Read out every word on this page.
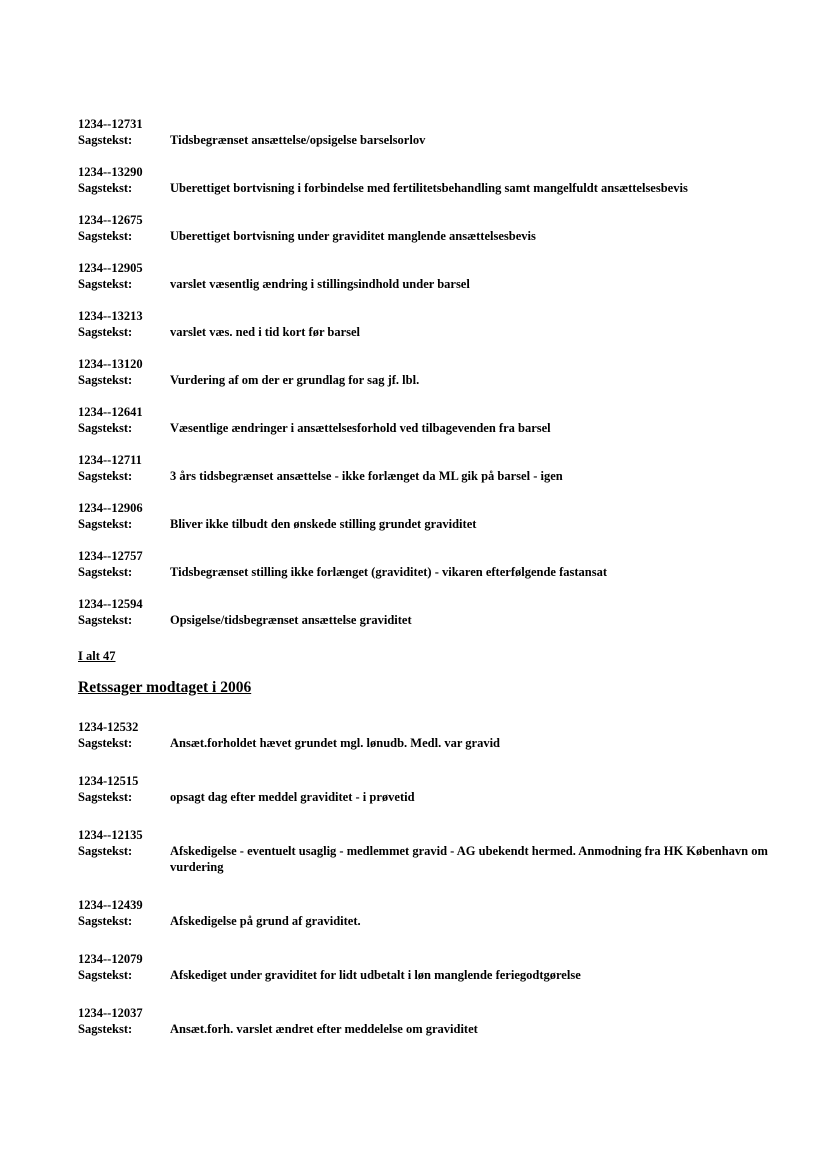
1234--12731
Sagstekst:	Tidsbegrænset ansættelse/opsigelse barselsorlov
1234--13290
Sagstekst:	Uberettiget bortvisning i forbindelse med fertilitetsbehandling samt mangelfuldt ansættelsesbevis
1234--12675
Sagstekst:	Uberettiget bortvisning under graviditet manglende ansættelsesbevis
1234--12905
Sagstekst:	varslet væsentlig ændring i stillingsindhold under barsel
1234--13213
Sagstekst:	varslet væs. ned i tid kort før barsel
1234--13120
Sagstekst:	Vurdering af om der er grundlag for sag jf. lbl.
1234--12641
Sagstekst:	Væsentlige ændringer i ansættelsesforhold ved tilbagevenden fra barsel
1234--12711
Sagstekst:	3 års tidsbegrænset ansættelse - ikke forlænget da ML gik på barsel - igen
1234--12906
Sagstekst:	Bliver ikke tilbudt den ønskede stilling grundet graviditet
1234--12757
Sagstekst:	Tidsbegrænset stilling ikke forlænget (graviditet) - vikaren efterfølgende fastansat
1234--12594
Sagstekst:	Opsigelse/tidsbegrænset ansættelse graviditet
I alt 47
Retssager modtaget i 2006
1234-12532
Sagstekst:	Ansæt.forholdet hævet grundet mgl. lønudb. Medl. var gravid
1234-12515
Sagstekst:	opsagt dag efter meddel graviditet - i prøvetid
1234--12135
Sagstekst:	Afskedigelse - eventuelt usaglig - medlemmet gravid - AG ubekendt hermed. Anmodning fra HK København om vurdering
1234--12439
Sagstekst:	Afskedigelse på grund af graviditet.
1234--12079
Sagstekst:	Afskediget under graviditet for lidt udbetalt i løn manglende feriegodtgørelse
1234--12037
Sagstekst:	Ansæt.forh. varslet ændret efter meddelelse om graviditet
